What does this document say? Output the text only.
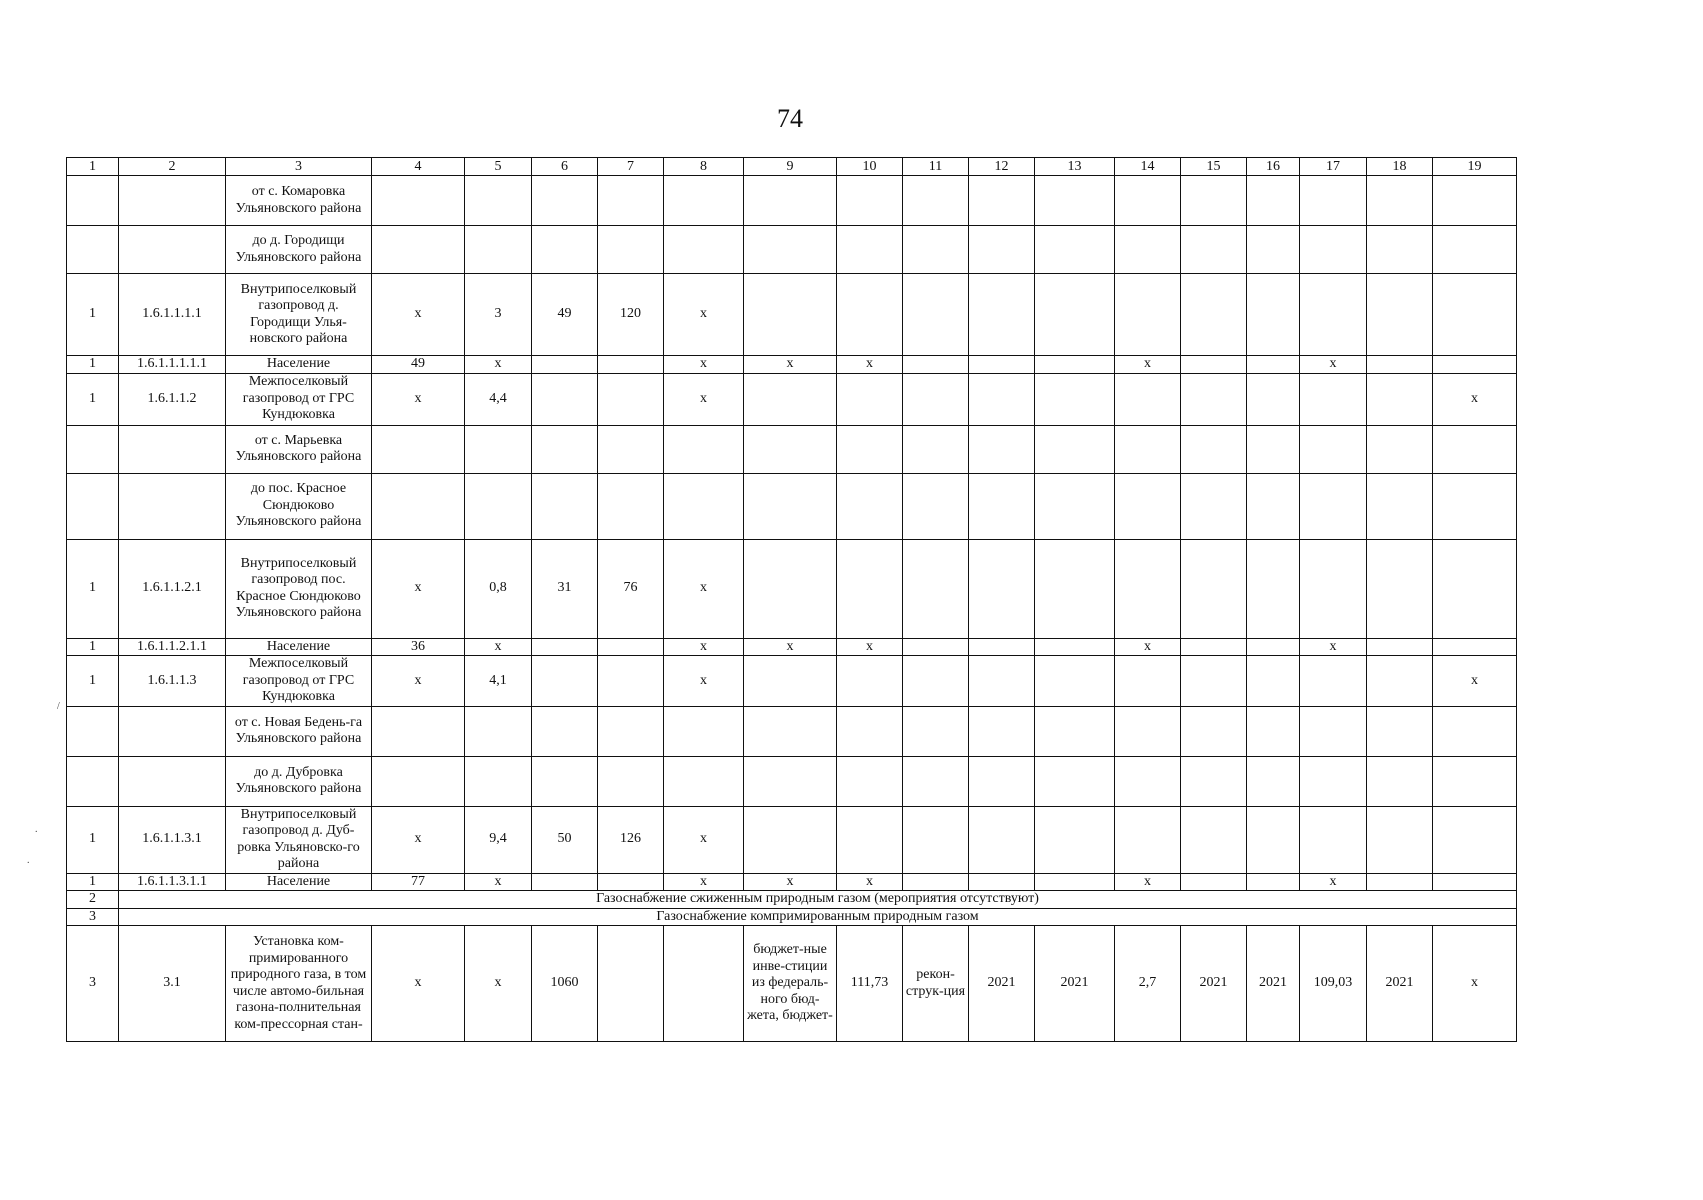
74
1	2	3	4	5	6	7	8	9	10	11	12	13	14	15	16	17	18	19
		от с. Комаровка Ульяновского района																
		до д. Городищи Ульяновского района																
1	1.6.1.1.1.1	Внутрипоселковый газопровод д. Городищи Улья-новского района	х	3	49	120	х											
1	1.6.1.1.1.1.1	Население	49	х			х	х	х				х			х		
1	1.6.1.1.2	Межпоселковый газопровод от ГРС Кундюковка	х	4,4			х											х
		от с. Марьевка Ульяновского района																
		до пос. Красное Сюндюково Ульяновского района																
1	1.6.1.1.2.1	Внутрипоселковый газопровод пос. Красное Сюндюково Ульяновского района	х	0,8	31	76	х											
1	1.6.1.1.2.1.1	Население	36	х			х	х	х				х			х		
1	1.6.1.1.3	Межпоселковый газопровод от ГРС Кундюковка	х	4,1			х											х
		от с. Новая Бедень-га Ульяновского района																
		до д. Дубровка Ульяновского района																
1	1.6.1.1.3.1	Внутрипоселковый газопровод д. Дуб-ровка Ульяновско-го района	х	9,4	50	126	х											
1	1.6.1.1.3.1.1	Население	77	х			х	х	х				х			х		
2	Газоснабжение сжиженным природным газом (мероприятия отсутствуют)																	
3	Газоснабжение компримированным природным газом																	
3	3.1	Установка ком-примированного природного газа, в том числе автомо-бильная газона-полнительная ком-прессорная стан-	х	х	1060			бюджет-ные инве-стиции из федераль-ного бюд-жета, бюджет-	111,73	рекон-струк-ция	2021	2021	2,7	2021	2021	109,03	2021	х
/
.
.
